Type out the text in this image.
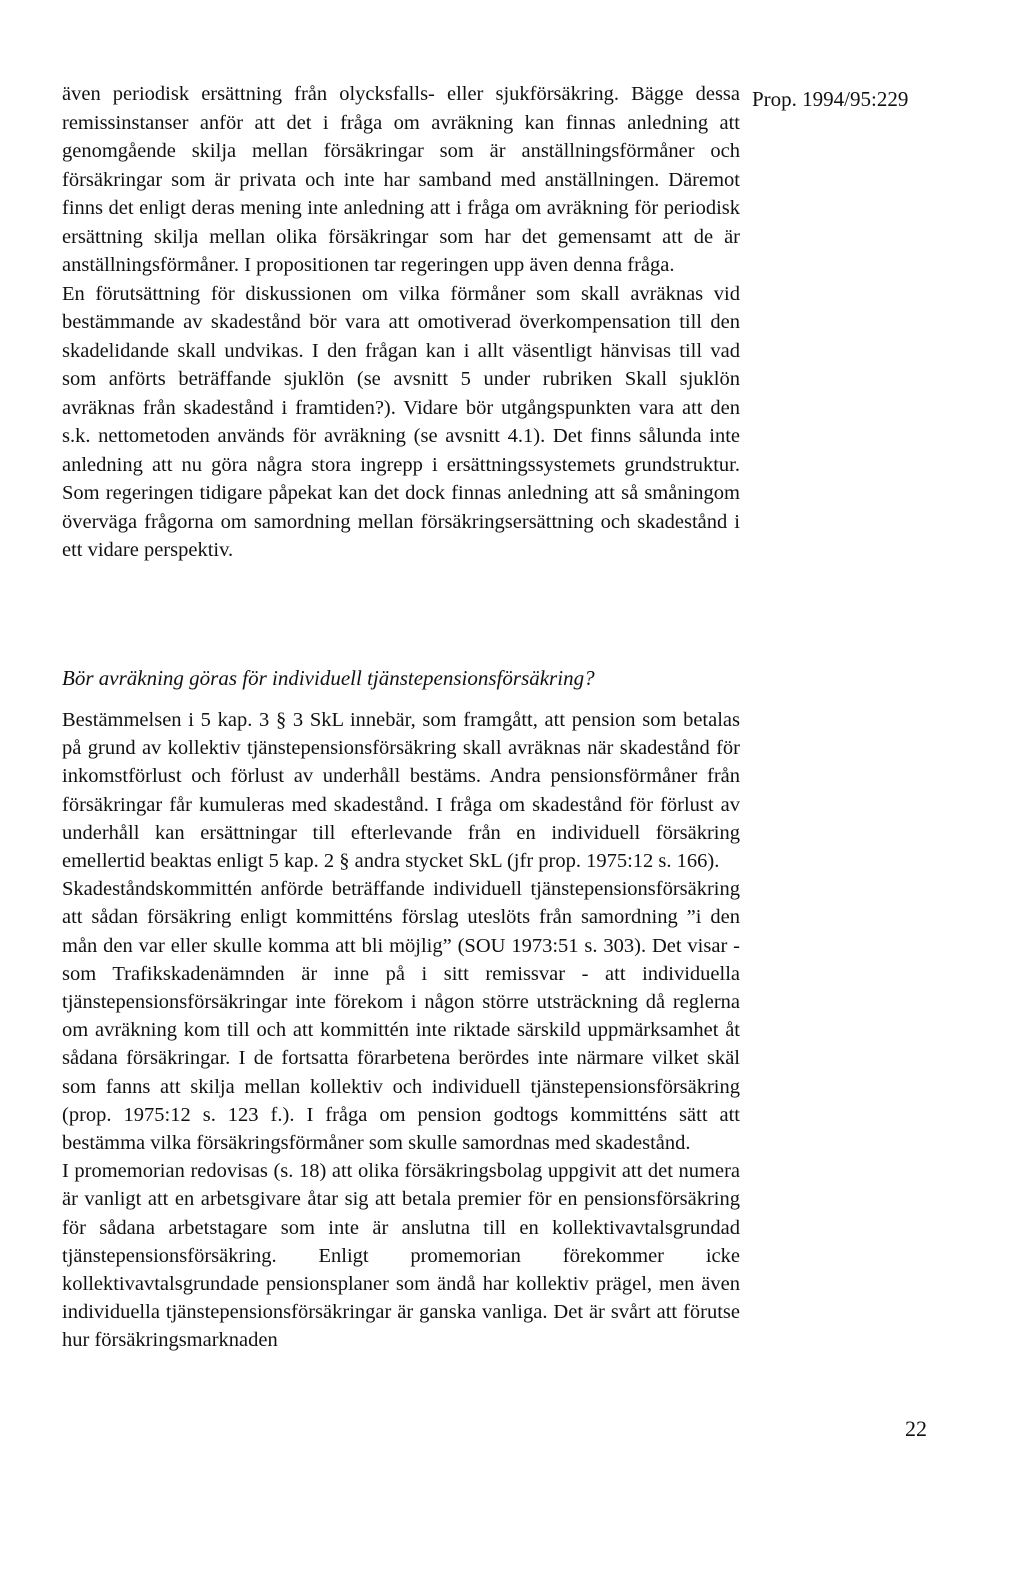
Prop. 1994/95:229

även periodisk ersättning från olycksfalls- eller sjukförsäkring. Bägge dessa remissinstanser anför att det i fråga om avräkning kan finnas anledning att genomgående skilja mellan försäkringar som är anställningsförmåner och försäkringar som är privata och inte har samband med anställningen. Däremot finns det enligt deras mening inte anledning att i fråga om avräkning för periodisk ersättning skilja mellan olika försäkringar som har det gemensamt att de är anställningsförmåner. I propositionen tar regeringen upp även denna fråga.

En förutsättning för diskussionen om vilka förmåner som skall avräknas vid bestämmande av skadestånd bör vara att omotiverad överkompensation till den skadelidande skall undvikas. I den frågan kan i allt väsentligt hänvisas till vad som anförts beträffande sjuklön (se avsnitt 5 under rubriken Skall sjuklön avräknas från skadestånd i framtiden?). Vidare bör utgångspunkten vara att den s.k. nettometoden används för avräkning (se avsnitt 4.1). Det finns sålunda inte anledning att nu göra några stora ingrepp i ersättningssystemets grundstruktur. Som regeringen tidigare påpekat kan det dock finnas anledning att så småningom överväga frågorna om samordning mellan försäkringsersättning och skadestånd i ett vidare perspektiv.

Bör avräkning göras för individuell tjänstepensionsförsäkring?

Bestämmelsen i 5 kap. 3 § 3 SkL innebär, som framgått, att pension som betalas på grund av kollektiv tjänstepensionsförsäkring skall avräknas när skadestånd för inkomstförlust och förlust av underhåll bestäms. Andra pensionsförmåner från försäkringar får kumuleras med skadestånd. I fråga om skadestånd för förlust av underhåll kan ersättningar till efterlevande från en individuell försäkring emellertid beaktas enligt 5 kap. 2 § andra stycket SkL (jfr prop. 1975:12 s. 166).

Skadeståndskommittén anförde beträffande individuell tjänstepensionsförsäkring att sådan försäkring enligt kommitténs förslag uteslöts från samordning ”i den mån den var eller skulle komma att bli möjlig” (SOU 1973:51 s. 303). Det visar - som Trafikskadenämnden är inne på i sitt remissvar - att individuella tjänstepensionsförsäkringar inte förekom i någon större utsträckning då reglerna om avräkning kom till och att kommittén inte riktade särskild uppmärksamhet åt sådana försäkringar. I de fortsatta förarbetena berördes inte närmare vilket skäl som fanns att skilja mellan kollektiv och individuell tjänstepensionsförsäkring (prop. 1975:12 s. 123 f.). I fråga om pension godtogs kommitténs sätt att bestämma vilka försäkringsförmåner som skulle samordnas med skadestånd.

I promemorian redovisas (s. 18) att olika försäkringsbolag uppgivit att det numera är vanligt att en arbetsgivare åtar sig att betala premier för en pensionsförsäkring för sådana arbetstagare som inte är anslutna till en kollektivavtalsgrundad tjänstepensionsförsäkring. Enligt promemorian förekommer icke kollektivavtalsgrundade pensionsplaner som ändå har kollektiv prägel, men även individuella tjänstepensionsförsäkringar är ganska vanliga. Det är svårt att förutse hur försäkringsmarknaden

22
